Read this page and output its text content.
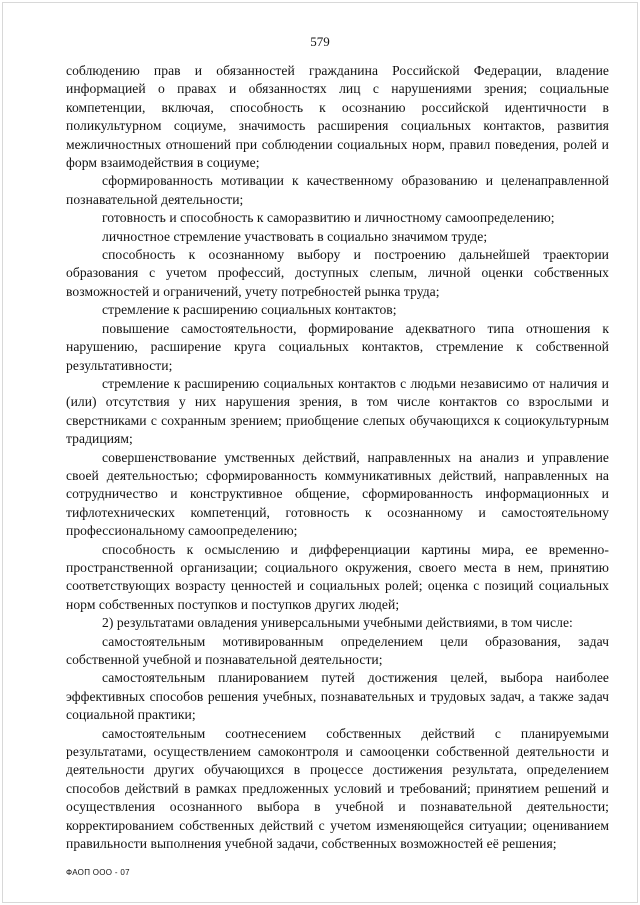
579

соблюдению прав и обязанностей гражданина Российской Федерации, владение информацией о правах и обязанностях лиц с нарушениями зрения; социальные компетенции, включая, способность к осознанию российской идентичности в поликультурном социуме, значимость расширения социальных контактов, развития межличностных отношений при соблюдении социальных норм, правил поведения, ролей и форм взаимодействия в социуме;

сформированность мотивации к качественному образованию и целенаправленной познавательной деятельности;

готовность и способность к саморазвитию и личностному самоопределению;

личностное стремление участвовать в социально значимом труде;

способность к осознанному выбору и построению дальнейшей траектории образования с учетом профессий, доступных слепым, личной оценки собственных возможностей и ограничений, учету потребностей рынка труда;

стремление к расширению социальных контактов;

повышение самостоятельности, формирование адекватного типа отношения к нарушению, расширение круга социальных контактов, стремление к собственной результативности;

стремление к расширению социальных контактов с людьми независимо от наличия и (или) отсутствия у них нарушения зрения, в том числе контактов со взрослыми и сверстниками с сохранным зрением; приобщение слепых обучающихся к социокультурным традициям;

совершенствование умственных действий, направленных на анализ и управление своей деятельностью; сформированность коммуникативных действий, направленных на сотрудничество и конструктивное общение, сформированность информационных и тифлотехнических компетенций, готовность к осознанному и самостоятельному профессиональному самоопределению;

способность к осмыслению и дифференциации картины мира, ее временно-пространственной организации; социального окружения, своего места в нем, принятию соответствующих возрасту ценностей и социальных ролей; оценка с позиций социальных норм собственных поступков и поступков других людей;

2) результатами овладения универсальными учебными действиями, в том числе:

самостоятельным мотивированным определением цели образования, задач собственной учебной и познавательной деятельности;

самостоятельным планированием путей достижения целей, выбора наиболее эффективных способов решения учебных, познавательных и трудовых задач, а также задач социальной практики;

самостоятельным соотнесением собственных действий с планируемыми результатами, осуществлением самоконтроля и самооценки собственной деятельности и деятельности других обучающихся в процессе достижения результата, определением способов действий в рамках предложенных условий и требований; принятием решений и осуществления осознанного выбора в учебной и познавательной деятельности; корректированием собственных действий с учетом изменяющейся ситуации; оцениванием правильности выполнения учебной задачи, собственных возможностей её решения;

ФАОП ООО - 07
